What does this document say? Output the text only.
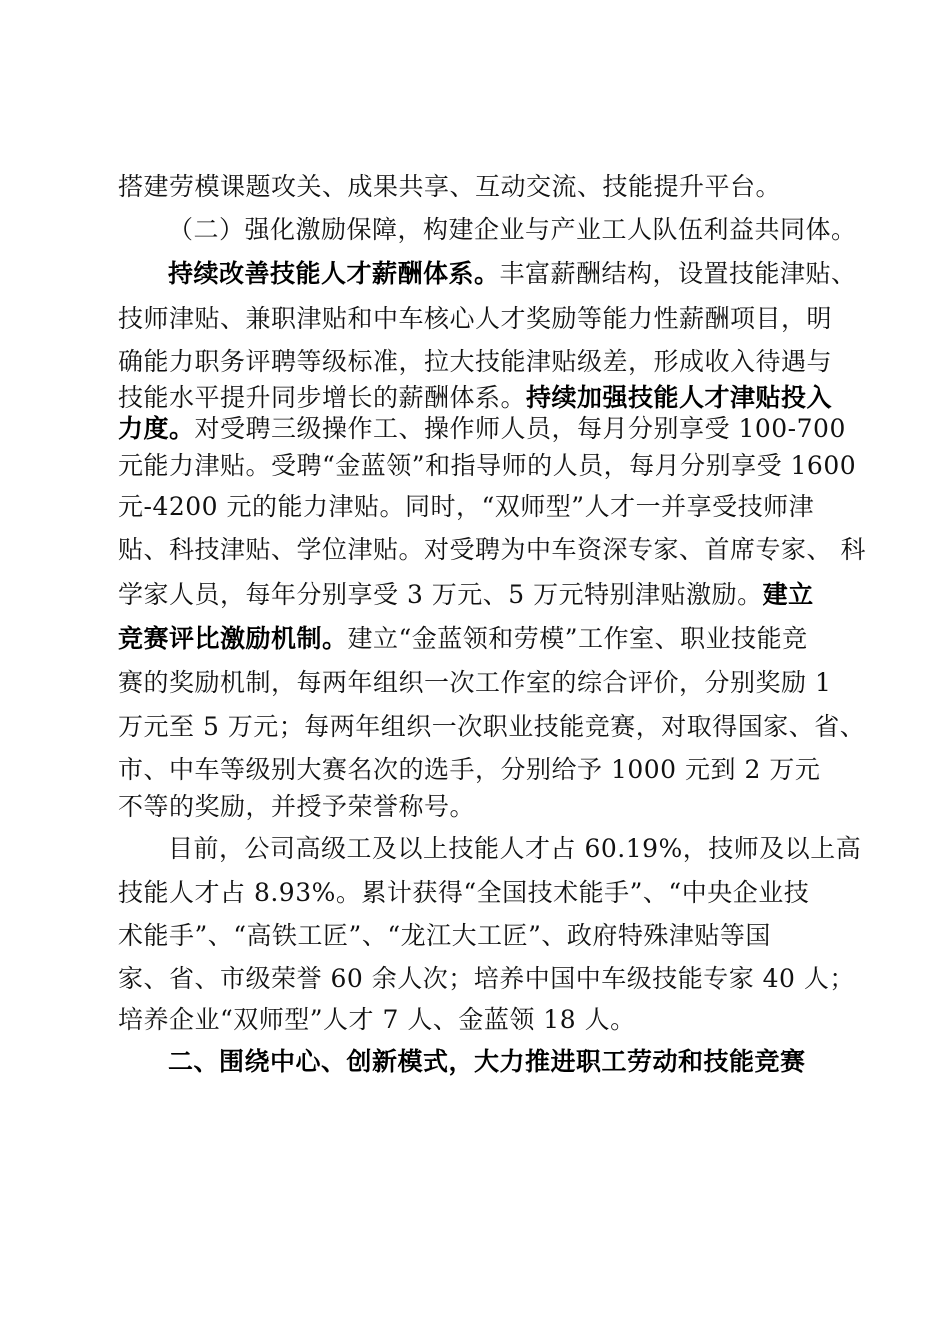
搭建劳模课题攻关、成果共享、互动交流、技能提升平台。
（二）强化激励保障，构建企业与产业工人队伍利益共同体。
持续改善技能人才薪酬体系。丰富薪酬结构，设置技能津贴、
技师津贴、兼职津贴和中车核心人才奖励等能力性薪酬项目，明
确能力职务评聘等级标准，拉大技能津贴级差，形成收入待遇与
技能水平提升同步增长的薪酬体系。持续加强技能人才津贴投入
力度。对受聘三级操作工、操作师人员，每月分别享受 100-700
元能力津贴。受聘“金蓝领”和指导师的人员，每月分别享受 1600
元-4200 元的能力津贴。同时，“双师型”人才一并享受技师津
贴、科技津贴、学位津贴。对受聘为中车资深专家、首席专家、 科
学家人员，每年分别享受 3 万元、5 万元特别津贴激励。建立
竞赛评比激励机制。建立“金蓝领和劳模”工作室、职业技能竞
赛的奖励机制，每两年组织一次工作室的综合评价，分别奖励 1
万元至 5 万元；每两年组织一次职业技能竞赛，对取得国家、省、
市、中车等级别大赛名次的选手，分别给予 1000 元到 2 万元
不等的奖励，并授予荣誉称号。
目前，公司高级工及以上技能人才占 60.19%，技师及以上高
技能人才占 8.93%。累计获得“全国技术能手”、“中央企业技
术能手”、“高铁工匠”、“龙江大工匠”、政府特殊津贴等国
家、省、市级荣誉 60 余人次；培养中国中车级技能专家 40 人；
培养企业“双师型”人才 7 人、金蓝领 18 人。
二、围绕中心、创新模式，大力推进职工劳动和技能竞赛
